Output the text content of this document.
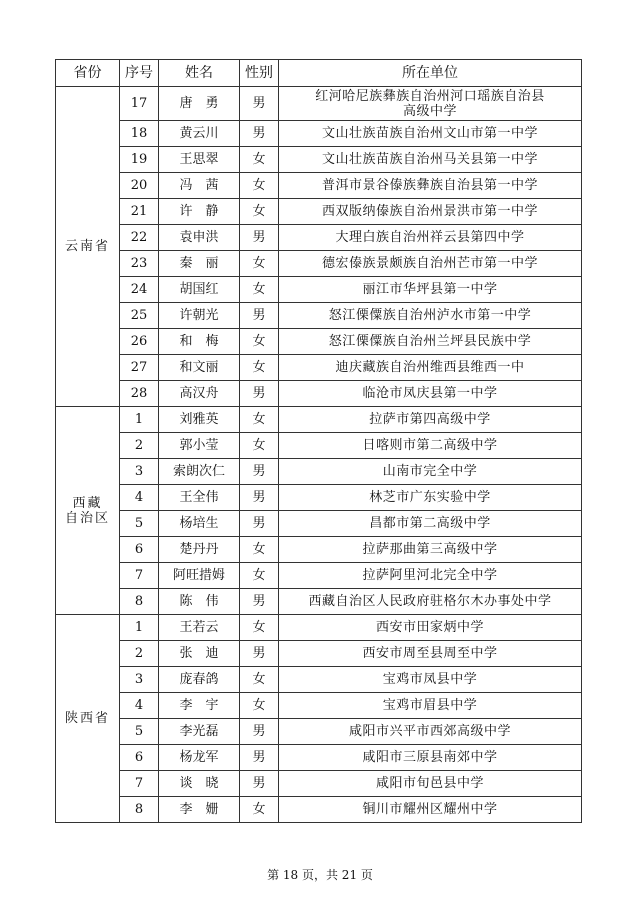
省份	序号	姓名	性别	所在单位

云南省	17	唐　勇	男	红河哈尼族彝族自治州河口瑶族自治县
高级中学

	18	黄云川	男	文山壮族苗族自治州文山市第一中学

	19	王思翠	女	文山壮族苗族自治州马关县第一中学

	20	冯　茜	女	普洱市景谷傣族彝族自治县第一中学

	21	许　静	女	西双版纳傣族自治州景洪市第一中学

	22	袁申洪	男	大理白族自治州祥云县第四中学

	23	秦　丽	女	德宏傣族景颇族自治州芒市第一中学

	24	胡国红	女	丽江市华坪县第一中学

	25	许朝光	男	怒江傈僳族自治州泸水市第一中学

	26	和　梅	女	怒江傈僳族自治州兰坪县民族中学

	27	和文丽	女	迪庆藏族自治州维西县维西一中

	28	高汉舟	男	临沧市凤庆县第一中学

西藏
自治区	1	刘雅英	女	拉萨市第四高级中学

	2	郭小莹	女	日喀则市第二高级中学

	3	索朗次仁	男	山南市完全中学

	4	王全伟	男	林芝市广东实验中学

	5	杨培生	男	昌都市第二高级中学

	6	楚丹丹	女	拉萨那曲第三高级中学

	7	阿旺措姆	女	拉萨阿里河北完全中学

	8	陈　伟	男	西藏自治区人民政府驻格尔木办事处中学

陕西省	1	王若云	女	西安市田家炳中学

	2	张　迪	男	西安市周至县周至中学

	3	庞春鸽	女	宝鸡市凤县中学

	4	李　宇	女	宝鸡市眉县中学

	5	李光磊	男	咸阳市兴平市西郊高级中学

	6	杨龙军	男	咸阳市三原县南郊中学

	7	谈　晓	男	咸阳市旬邑县中学

	8	李　姗	女	铜川市耀州区耀州中学
第 18 页，共 21 页
